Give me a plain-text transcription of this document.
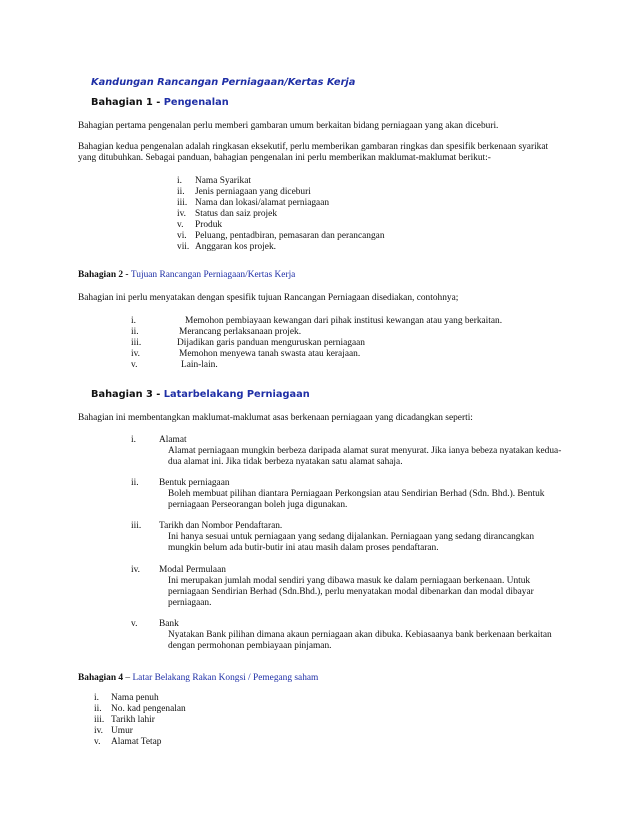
Kandungan Rancangan Perniagaan/Kertas Kerja
Bahagian 1 - Pengenalan
Bahagian pertama pengenalan perlu memberi gambaran umum berkaitan bidang perniagaan yang akan diceburi.
Bahagian kedua pengenalan adalah ringkasan eksekutif, perlu memberikan gambaran ringkas dan spesifik berkenaan syarikat
yang ditubuhkan. Sebagai panduan, bahagian pengenalan ini perlu memberikan maklumat-maklumat berikut:-
i. Nama Syarikat
ii. Jenis perniagaan yang diceburi
iii. Nama dan lokasi/alamat perniagaan
iv. Status dan saiz projek
v. Produk
vi. Peluang, pentadbiran, pemasaran dan perancangan
vii. Anggaran kos projek.
Bahagian 2 - Tujuan Rancangan Perniagaan/Kertas Kerja
Bahagian ini perlu menyatakan dengan spesifik tujuan Rancangan Perniagaan disediakan, contohnya;
i.	Memohon pembiayaan kewangan dari pihak institusi kewangan atau yang berkaitan.
ii.	Merancang perlaksanaan projek.
iii.	Dijadikan garis panduan menguruskan perniagaan
iv.	Memohon menyewa tanah swasta atau kerajaan.
v.	Lain-lain.
Bahagian 3 - Latarbelakang Perniagaan
Bahagian ini membentangkan maklumat-maklumat asas berkenaan perniagaan yang dicadangkan seperti:
i. Alamat
Alamat perniagaan mungkin berbeza daripada alamat surat menyurat. Jika ianya bebeza nyatakan kedua-
dua alamat ini. Jika tidak berbeza nyatakan satu alamat sahaja.
ii. Bentuk perniagaan
Boleh membuat pilihan diantara Perniagaan Perkongsian atau Sendirian Berhad (Sdn. Bhd.). Bentuk
perniagaan Perseorangan boleh juga digunakan.
iii. Tarikh dan Nombor Pendaftaran.
Ini hanya sesuai untuk perniagaan yang sedang dijalankan. Perniagaan yang sedang dirancangkan
mungkin belum ada butir-butir ini atau masih dalam proses pendaftaran.
iv. Modal Permulaan
Ini merupakan jumlah modal sendiri yang dibawa masuk ke dalam perniagaan berkenaan. Untuk
perniagaan Sendirian Berhad (Sdn.Bhd.), perlu menyatakan modal dibenarkan dan modal dibayar
perniagaan.
v. Bank
Nyatakan Bank pilihan dimana akaun perniagaan akan dibuka. Kebiasaanya bank berkenaan berkaitan
dengan permohonan pembiayaan pinjaman.
Bahagian 4 – Latar Belakang Rakan Kongsi / Pemegang saham
i. Nama penuh
ii. No. kad pengenalan
iii. Tarikh lahir
iv. Umur
v. Alamat Tetap
